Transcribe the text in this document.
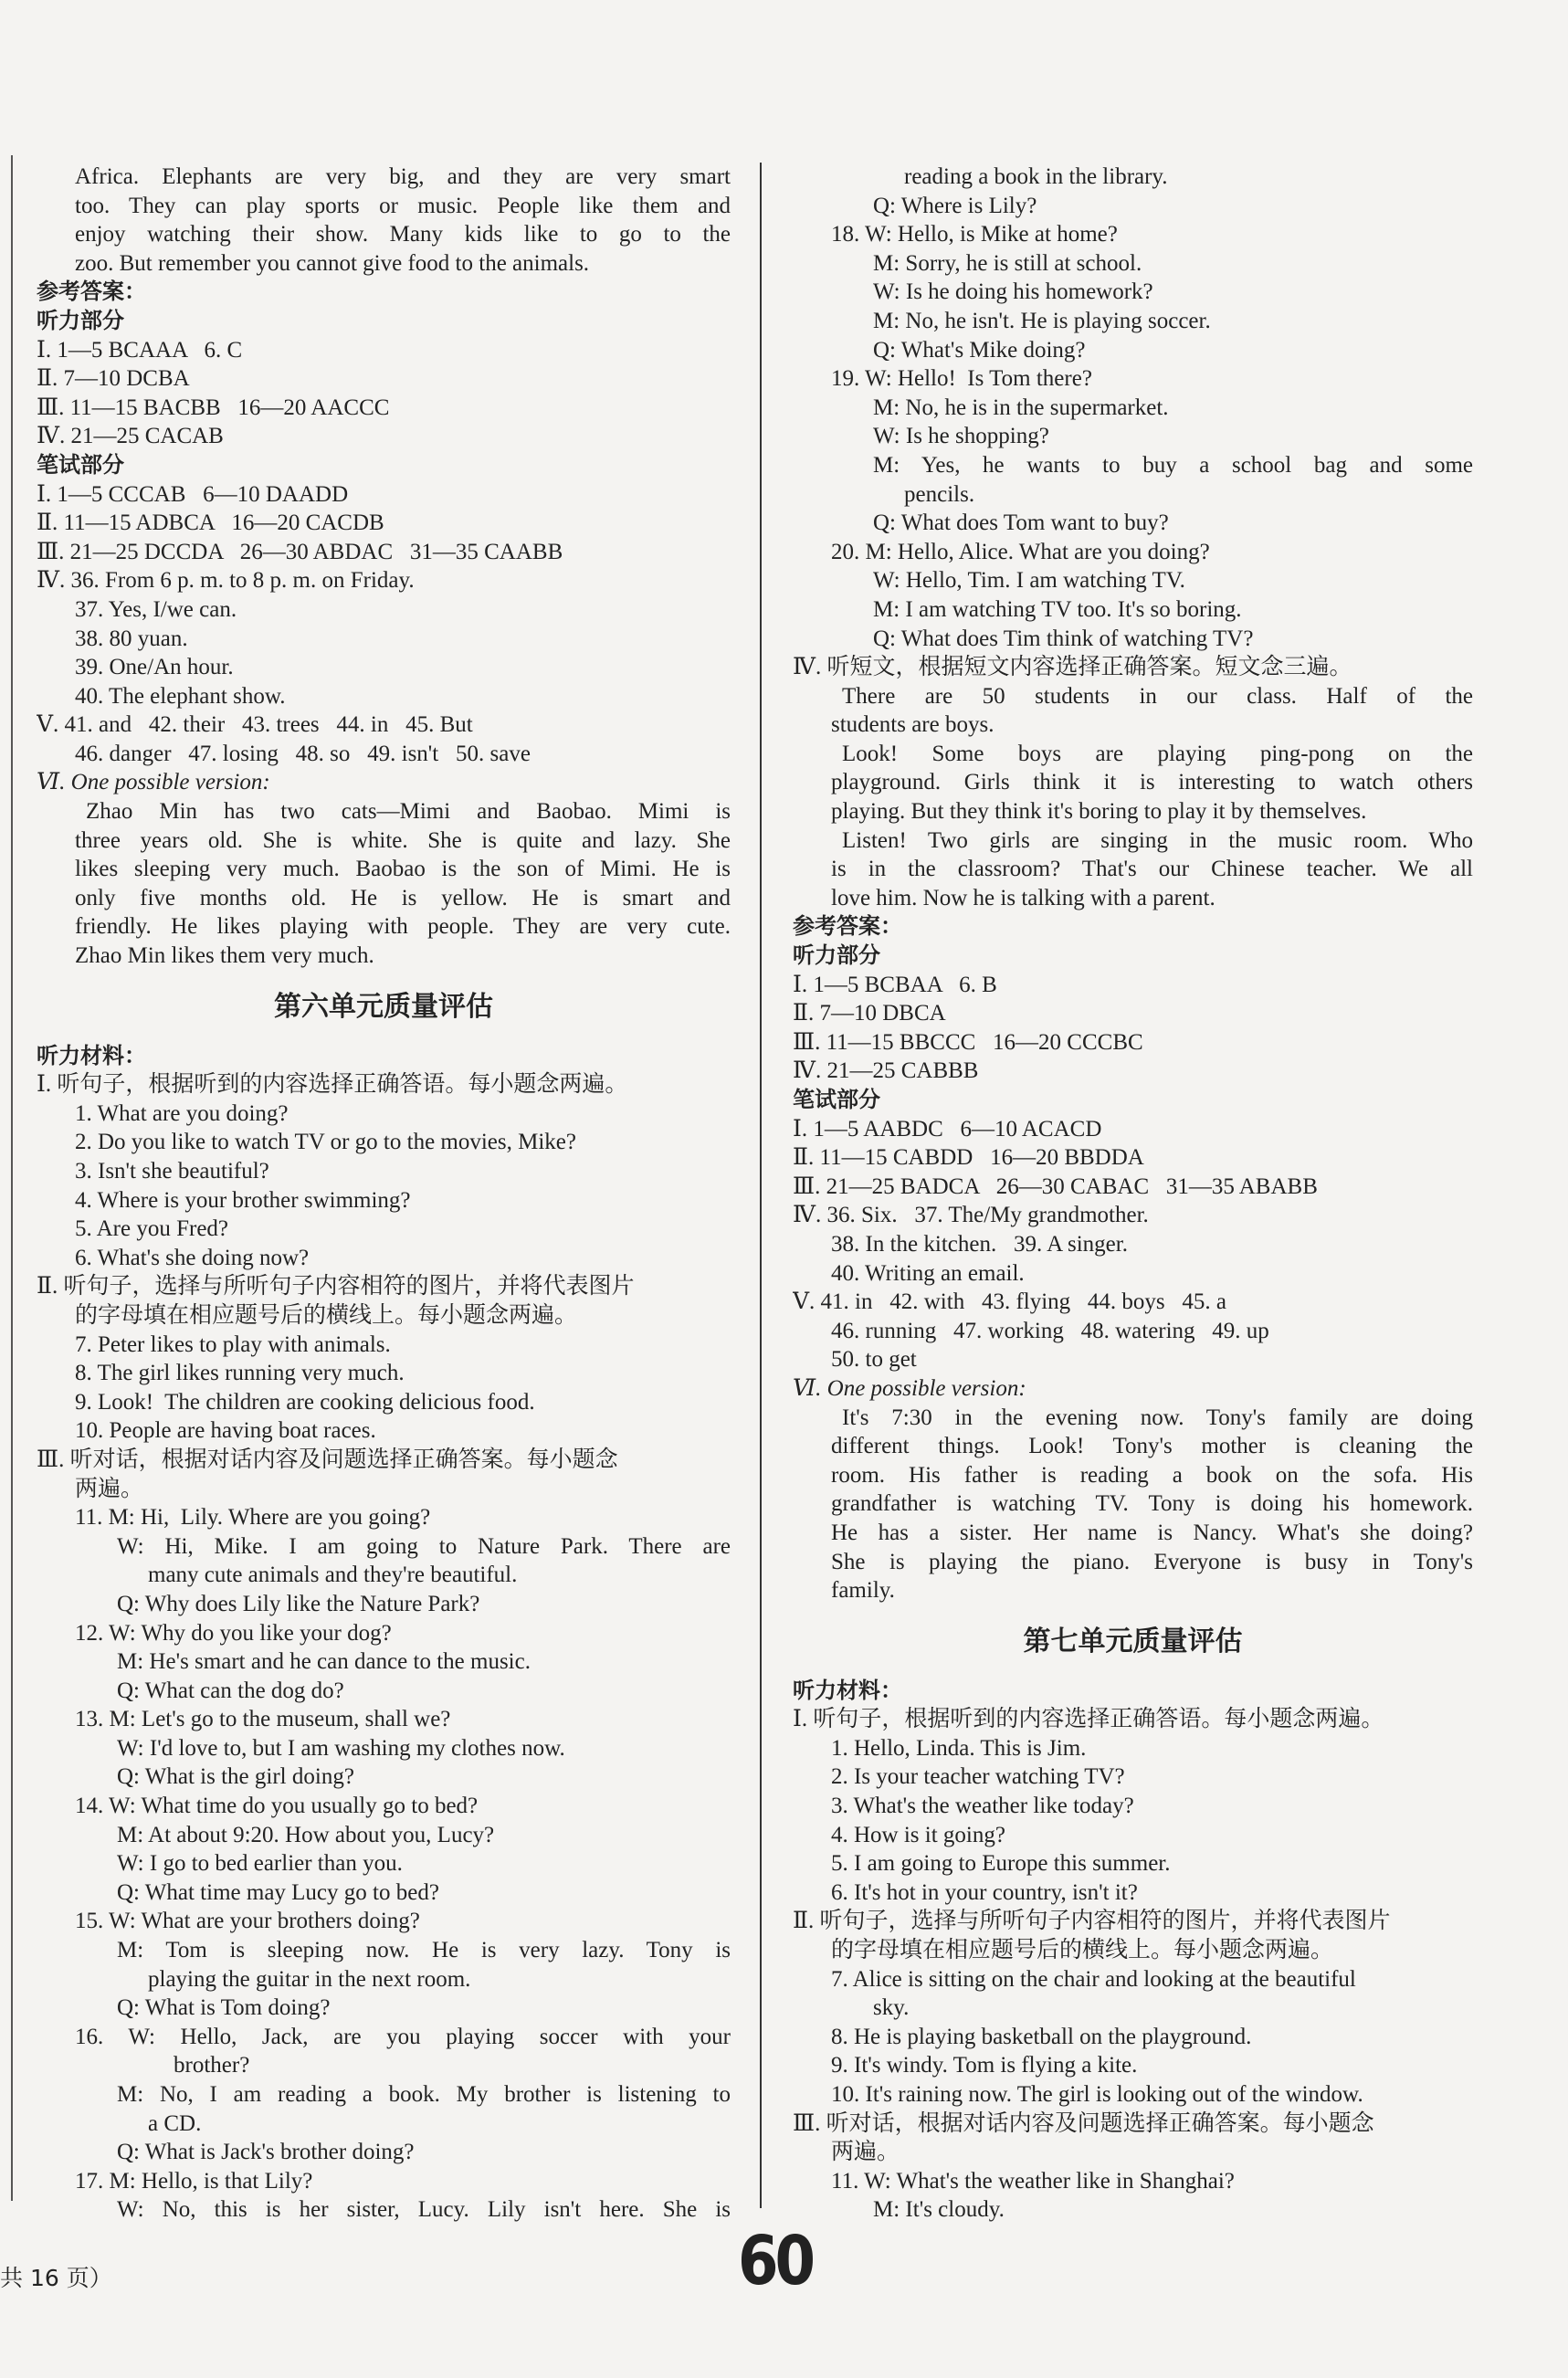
Africa. Elephants are very big, and they are very smart
too. They can play sports or music. People like them and
enjoy watching their show. Many kids like to go to the
zoo. But remember you cannot give food to the animals.
参考答案：
听力部分
Ⅰ. 1—5 BCAAA   6. C
Ⅱ. 7—10 DCBA
Ⅲ. 11—15 BACBB   16—20 AACCC
Ⅳ. 21—25 CACAB
笔试部分
Ⅰ. 1—5 CCCAB   6—10 DAADD
Ⅱ. 11—15 ADBCA   16—20 CACDB
Ⅲ. 21—25 DCCDA   26—30 ABDAC   31—35 CAABB
Ⅳ. 36. From 6 p. m. to 8 p. m. on Friday.
37. Yes, I/we can.
38. 80 yuan.
39. One/An hour.
40. The elephant show.
Ⅴ. 41. and   42. their   43. trees   44. in   45. But
46. danger   47. losing   48. so   49. isn't   50. save
Ⅵ. One possible version:
Zhao Min has two cats—Mimi and Baobao. Mimi is
three years old. She is white. She is quite and lazy. She
likes sleeping very much. Baobao is the son of Mimi. He is
only five months old. He is yellow. He is smart and
friendly. He likes playing with people. They are very cute.
Zhao Min likes them very much.
第六单元质量评估
听力材料：
Ⅰ. 听句子，根据听到的内容选择正确答语。每小题念两遍。
1. What are you doing?
2. Do you like to watch TV or go to the movies, Mike?
3. Isn't she beautiful?
4. Where is your brother swimming?
5. Are you Fred?
6. What's she doing now?
Ⅱ. 听句子，选择与所听句子内容相符的图片，并将代表图片
的字母填在相应题号后的横线上。每小题念两遍。
7. Peter likes to play with animals.
8. The girl likes running very much.
9. Look!  The children are cooking delicious food.
10. People are having boat races.
Ⅲ. 听对话，根据对话内容及问题选择正确答案。每小题念
两遍。
11. M: Hi,  Lily. Where are you going?
W: Hi, Mike. I am going to Nature Park. There are
many cute animals and they're beautiful.
Q: Why does Lily like the Nature Park?
12. W: Why do you like your dog?
M: He's smart and he can dance to the music.
Q: What can the dog do?
13. M: Let's go to the museum, shall we?
W: I'd love to, but I am washing my clothes now.
Q: What is the girl doing?
14. W: What time do you usually go to bed?
M: At about 9:20. How about you, Lucy?
W: I go to bed earlier than you.
Q: What time may Lucy go to bed?
15. W: What are your brothers doing?
M: Tom is sleeping now. He is very lazy. Tony is
playing the guitar in the next room.
Q: What is Tom doing?
16. W: Hello, Jack, are you playing soccer with your
brother?
M: No, I am reading a book. My brother is listening to
a CD.
Q: What is Jack's brother doing?
17. M: Hello, is that Lily?
W: No, this is her sister, Lucy. Lily isn't here. She is
reading a book in the library.
Q: Where is Lily?
18. W: Hello, is Mike at home?
M: Sorry, he is still at school.
W: Is he doing his homework?
M: No, he isn't. He is playing soccer.
Q: What's Mike doing?
19. W: Hello!  Is Tom there?
M: No, he is in the supermarket.
W: Is he shopping?
M: Yes, he wants to buy a school bag and some
pencils.
Q: What does Tom want to buy?
20. M: Hello, Alice. What are you doing?
W: Hello, Tim. I am watching TV.
M: I am watching TV too. It's so boring.
Q: What does Tim think of watching TV?
Ⅳ. 听短文，根据短文内容选择正确答案。短文念三遍。
There are 50 students in our class. Half of the
students are boys.
Look! Some boys are playing ping-pong on the
playground. Girls think it is interesting to watch others
playing. But they think it's boring to play it by themselves.
Listen! Two girls are singing in the music room. Who
is in the classroom? That's our Chinese teacher. We all
love him. Now he is talking with a parent.
参考答案：
听力部分
Ⅰ. 1—5 BCBAA   6. B
Ⅱ. 7—10 DBCA
Ⅲ. 11—15 BBCCC   16—20 CCCBC
Ⅳ. 21—25 CABBB
笔试部分
Ⅰ. 1—5 AABDC   6—10 ACACD
Ⅱ. 11—15 CABDD   16—20 BBDDA
Ⅲ. 21—25 BADCA   26—30 CABAC   31—35 ABABB
Ⅳ. 36. Six.   37. The/My grandmother.
38. In the kitchen.   39. A singer.
40. Writing an email.
Ⅴ. 41. in   42. with   43. flying   44. boys   45. a
46. running   47. working   48. watering   49. up
50. to get
Ⅵ. One possible version:
It's 7:30 in the evening now. Tony's family are doing
different things. Look! Tony's mother is cleaning the
room. His father is reading a book on the sofa. His
grandfather is watching TV. Tony is doing his homework.
He has a sister. Her name is Nancy. What's she doing?
She is playing the piano. Everyone is busy in Tony's
family.
第七单元质量评估
听力材料：
Ⅰ. 听句子，根据听到的内容选择正确答语。每小题念两遍。
1. Hello, Linda. This is Jim.
2. Is your teacher watching TV?
3. What's the weather like today?
4. How is it going?
5. I am going to Europe this summer.
6. It's hot in your country, isn't it?
Ⅱ. 听句子，选择与所听句子内容相符的图片，并将代表图片
的字母填在相应题号后的横线上。每小题念两遍。
7. Alice is sitting on the chair and looking at the beautiful
sky.
8. He is playing basketball on the playground.
9. It's windy. Tom is flying a kite.
10. It's raining now. The girl is looking out of the window.
Ⅲ. 听对话，根据对话内容及问题选择正确答案。每小题念
两遍。
11. W: What's the weather like in Shanghai?
M: It's cloudy.
共 16 页）	60
